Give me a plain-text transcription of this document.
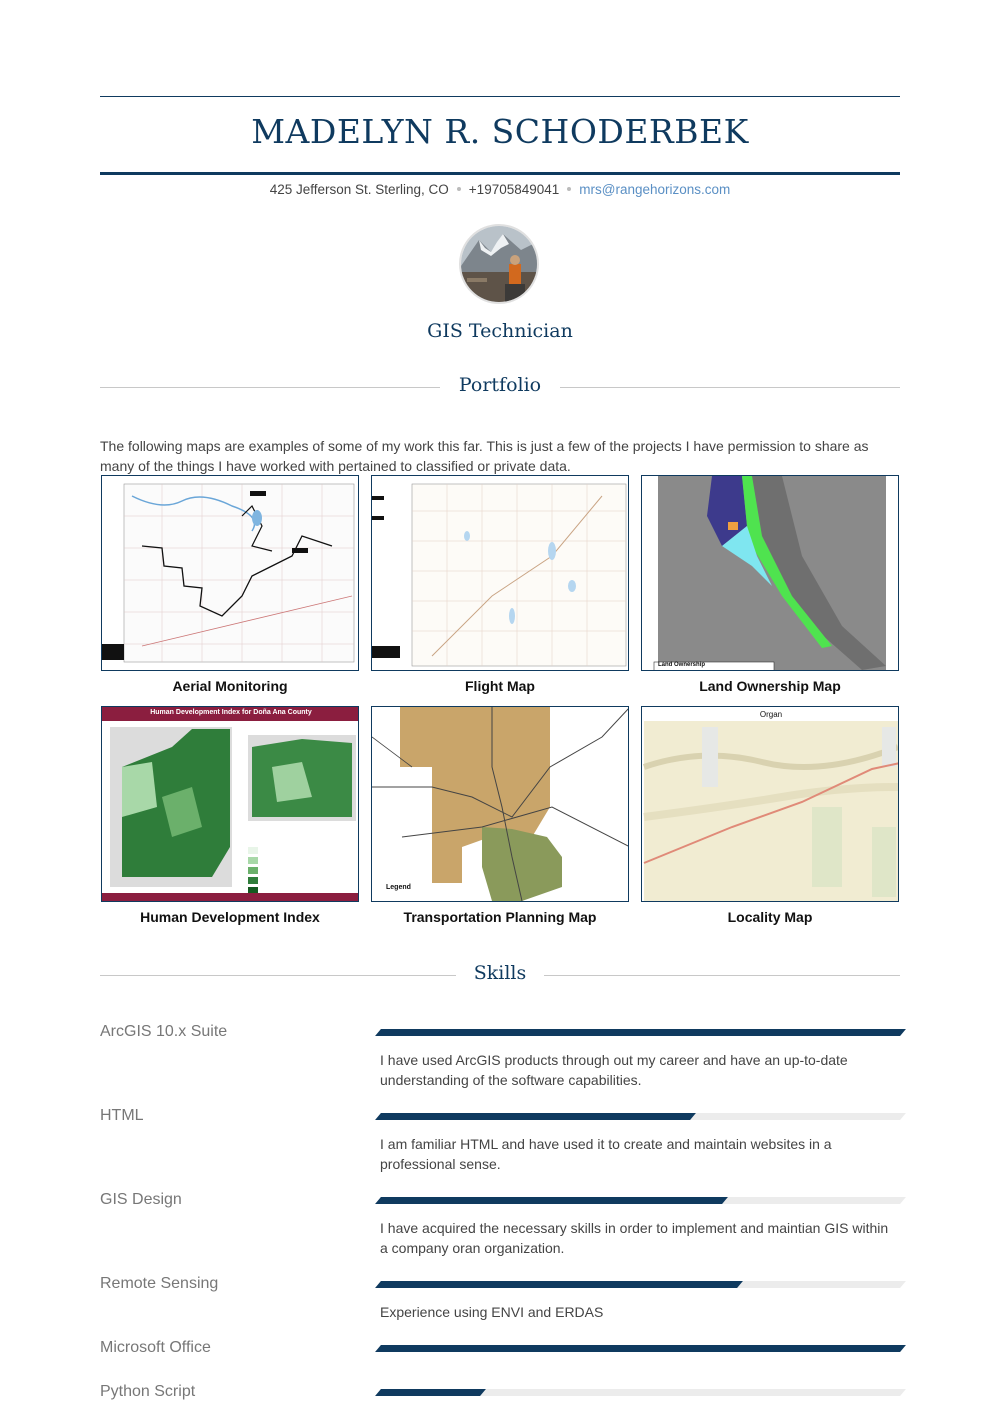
MADELYN R. SCHODERBEK
425 Jefferson St. Sterling, CO +19705849041 mrs@rangehorizons.com
GIS Technician
Portfolio
The following maps are examples of some of my work this far. This is just a few of the projects I have permission to share as many of the things I have worked with pertained to classified or private data.
Aerial Monitoring	Flight Map
Land Ownership
Land Ownership Map
Human Development Index for Doña Ana County
Human Development Index
Legend
Transportation Planning Map
Organ
Locality Map
Skills
ArcGIS 10.x Suite
I have used ArcGIS products through out my career and have an up-to-date understanding of the software capabilities.
HTML
I am familiar HTML and have used it to create and maintain websites in a professional sense.
GIS Design
I have acquired the necessary skills in order to implement and maintian GIS within a company oran organization.
Remote Sensing
Experience using ENVI and ERDAS
Microsoft Office
Python Script
